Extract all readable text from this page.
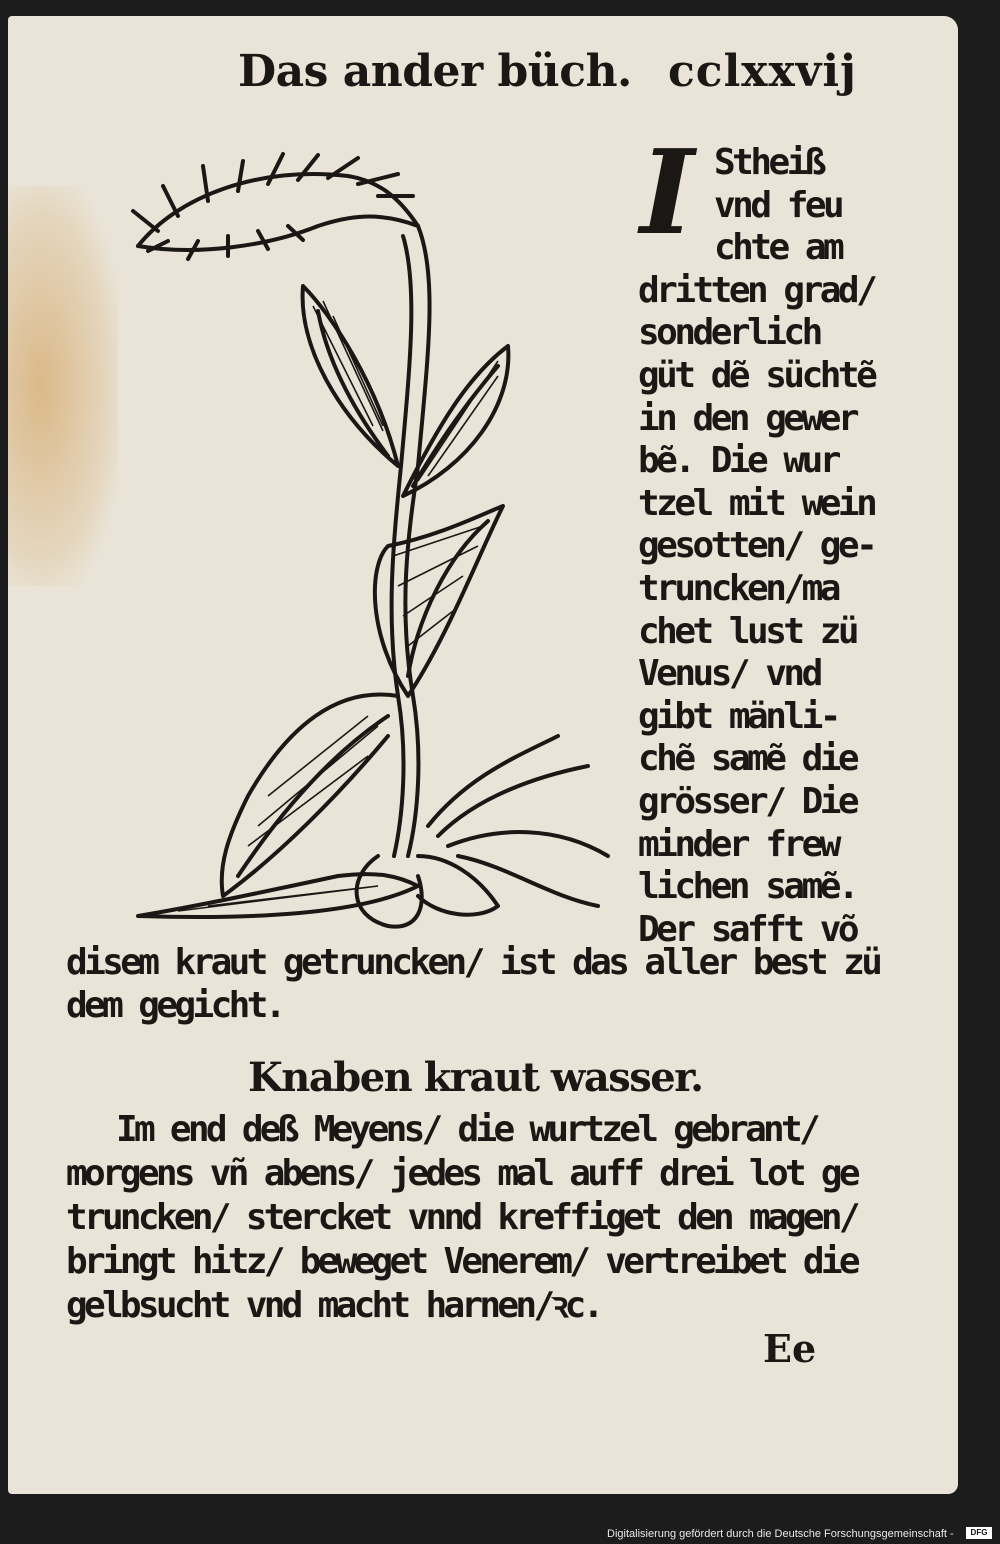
Das ander büch. cclxxvij
I Stheiß
vnd feu
chte am
dritten grad/
sonderlich
güt dẽ süchtẽ
in den gewer
bẽ. Die wur
tzel mit wein
gesotten/ ge-
truncken/ma
chet lust zü
Venus/ vnd
gibt mänli-
chẽ samẽ die
grösser/ Die
minder frew
lichen samẽ.
Der safft võ
disem kraut getruncken/ ist das aller best zü
dem gegicht.
Knaben kraut wasser.
Im end deß Meyens/ die wurtzel gebrant/
morgens vñ abens/ jedes mal auff drei lot ge
truncken/ stercket vnnd kreffiget den magen/
bringt hitz/ beweget Venerem/ vertreibet die
gelbsucht vnd macht harnen/ꝛc.
Ee
Digitalisierung gefördert durch die Deutsche Forschungsgemeinschaft -	DFG
